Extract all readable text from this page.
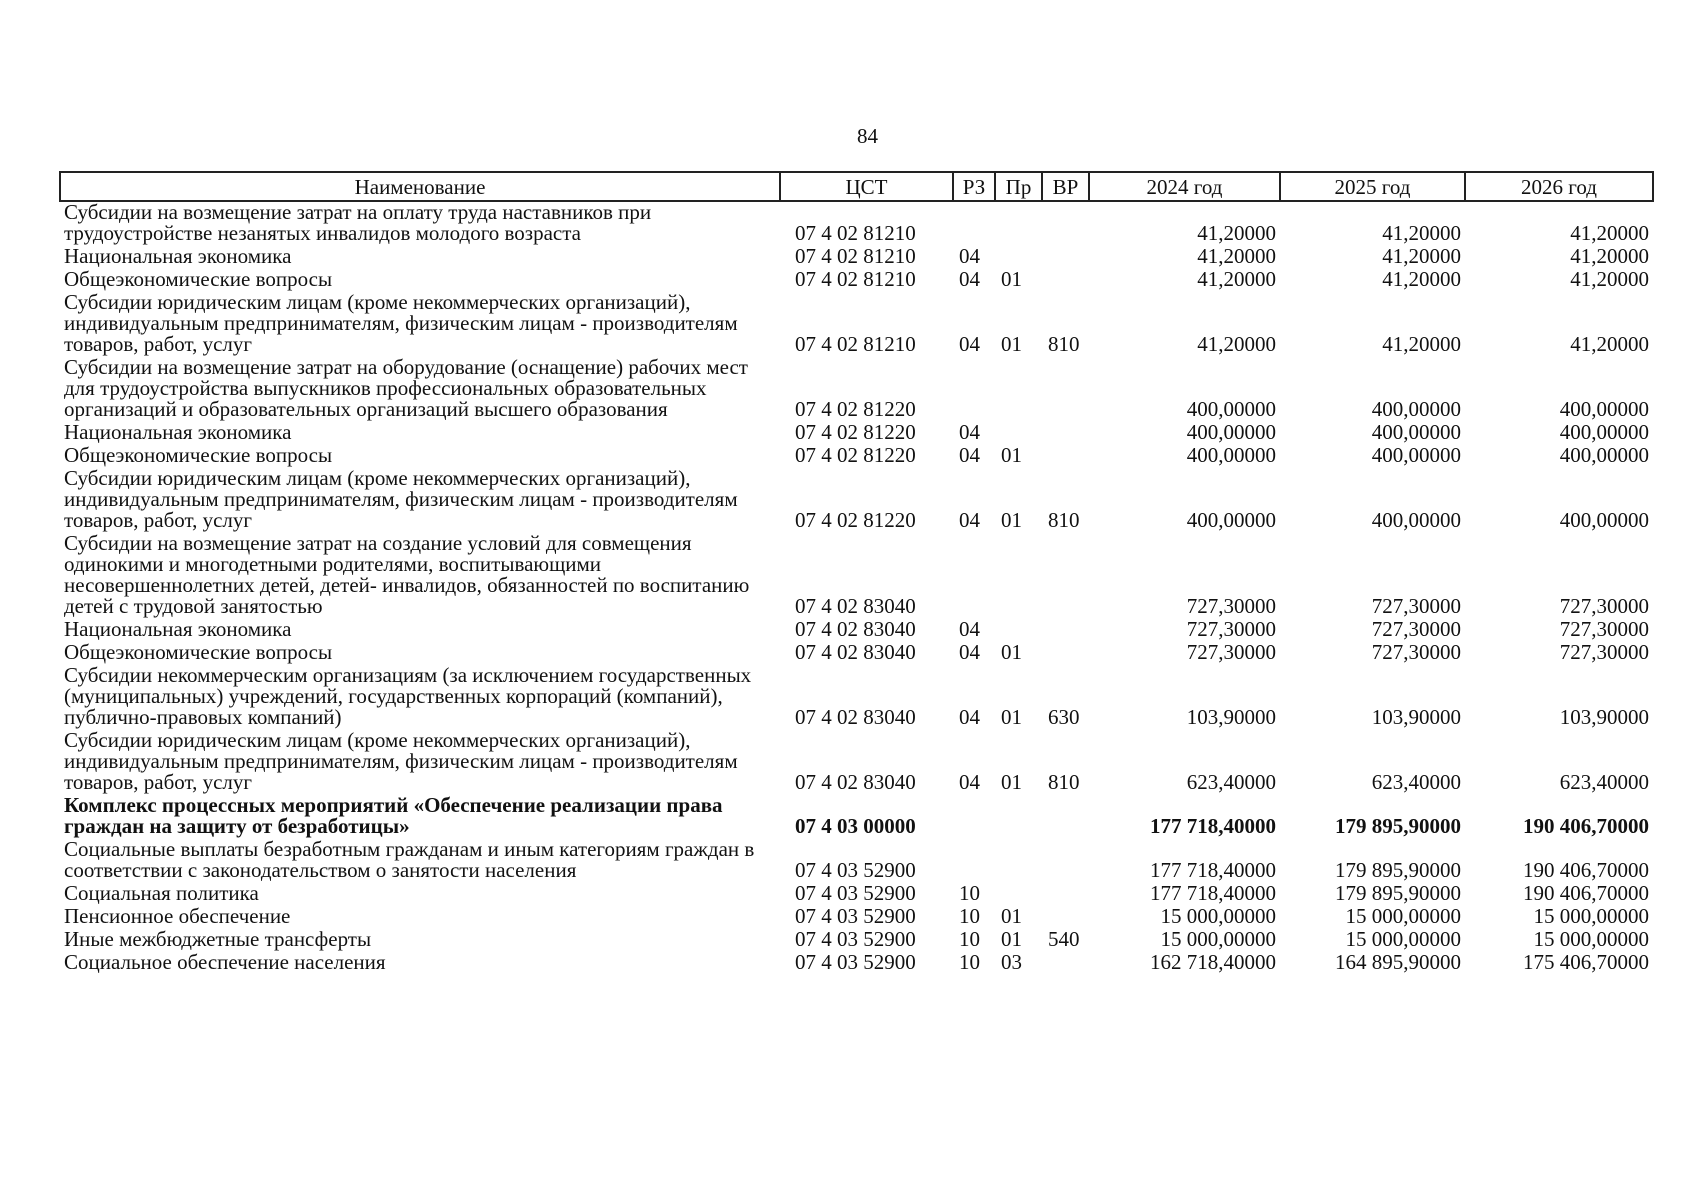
84
Наименование	ЦСТ	РЗ	Пр	ВР	2024 год	2025 год	2026 год
Субсидии на возмещение затрат на оплату труда наставников при трудоустройстве незанятых инвалидов молодого возраста	07 4 02 81210				41,20000	41,20000	41,20000
Национальная экономика	07 4 02 81210	04			41,20000	41,20000	41,20000
Общеэкономические вопросы	07 4 02 81210	04	01		41,20000	41,20000	41,20000
Субсидии юридическим лицам (кроме некоммерческих организаций), индивидуальным предпринимателям, физическим лицам - производителям товаров, работ, услуг	07 4 02 81210	04	01	810	41,20000	41,20000	41,20000
Субсидии на возмещение затрат на оборудование (оснащение) рабочих мест для трудоустройства выпускников профессиональных образовательных организаций и образовательных организаций высшего образования	07 4 02 81220				400,00000	400,00000	400,00000
Национальная экономика	07 4 02 81220	04			400,00000	400,00000	400,00000
Общеэкономические вопросы	07 4 02 81220	04	01		400,00000	400,00000	400,00000
Субсидии юридическим лицам (кроме некоммерческих организаций), индивидуальным предпринимателям, физическим лицам - производителям товаров, работ, услуг	07 4 02 81220	04	01	810	400,00000	400,00000	400,00000
Субсидии на возмещение затрат на создание условий для совмещения одинокими и многодетными родителями, воспитывающими несовершеннолетних детей, детей- инвалидов, обязанностей по воспитанию детей с трудовой занятостью	07 4 02 83040				727,30000	727,30000	727,30000
Национальная экономика	07 4 02 83040	04			727,30000	727,30000	727,30000
Общеэкономические вопросы	07 4 02 83040	04	01		727,30000	727,30000	727,30000
Субсидии некоммерческим организациям (за исключением государственных (муниципальных) учреждений, государственных корпораций (компаний), публично-правовых компаний)	07 4 02 83040	04	01	630	103,90000	103,90000	103,90000
Субсидии юридическим лицам (кроме некоммерческих организаций), индивидуальным предпринимателям, физическим лицам - производителям товаров, работ, услуг	07 4 02 83040	04	01	810	623,40000	623,40000	623,40000
Комплекс процессных мероприятий «Обеспечение реализации права граждан на защиту от безработицы»	07 4 03 00000				177 718,40000	179 895,90000	190 406,70000
Социальные выплаты безработным гражданам и иным категориям граждан в соответствии с законодательством о занятости населения	07 4 03 52900				177 718,40000	179 895,90000	190 406,70000
Социальная политика	07 4 03 52900	10			177 718,40000	179 895,90000	190 406,70000
Пенсионное обеспечение	07 4 03 52900	10	01		15 000,00000	15 000,00000	15 000,00000
Иные межбюджетные трансферты	07 4 03 52900	10	01	540	15 000,00000	15 000,00000	15 000,00000
Социальное обеспечение населения	07 4 03 52900	10	03		162 718,40000	164 895,90000	175 406,70000
